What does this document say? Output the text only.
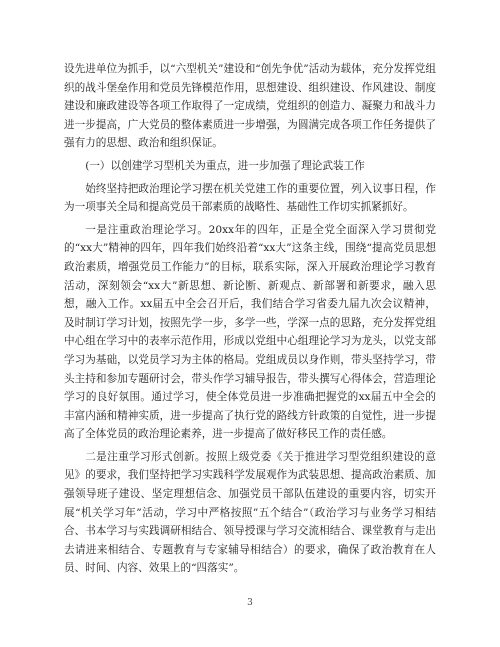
设先进单位为抓手，以“六型机关”建设和“创先争优”活动为载体，充分发挥党组织的战斗堡垒作用和党员先锋模范作用，思想建设、组织建设、作风建设、制度建设和廉政建设等各项工作取得了一定成绩，党组织的创造力、凝聚力和战斗力进一步提高，广大党员的整体素质进一步增强，为圆满完成各项工作任务提供了强有力的思想、政治和组织保证。

(一）以创建学习型机关为重点，进一步加强了理论武装工作

始终坚持把政治理论学习摆在机关党建工作的重要位置，列入议事日程，作为一项事关全局和提高党员干部素质的战略性、基础性工作切实抓紧抓好。

一是注重政治理论学习。20xx年的四年，正是全党全面深入学习贯彻党的“xx大”精神的四年，四年我们始终沿着“xx大”这条主线，围绕“提高党员思想政治素质，增强党员工作能力”的目标，联系实际，深入开展政治理论学习教育活动，深刻领会“xx大”新思想、新论断、新观点、新部署和新要求，融入思想，融入工作。xx届五中全会召开后，我们结合学习省委九届九次会议精神，及时制订学习计划，按照先学一步，多学一些，学深一点的思路，充分发挥党组中心组在学习中的表率示范作用，形成以党组中心组理论学习为龙头，以党支部学习为基础，以党员学习为主体的格局。党组成员以身作则，带头坚持学习，带头主持和参加专题研讨会，带头作学习辅导报告，带头撰写心得体会，营造理论学习的良好氛围。通过学习，使全体党员进一步准确把握党的xx届五中全会的丰富内涵和精神实质，进一步提高了执行党的路线方针政策的自觉性，进一步提高了全体党员的政治理论素养，进一步提高了做好移民工作的责任感。

二是注重学习形式创新。按照上级党委《关于推进学习型党组织建设的意见》的要求，我们坚持把学习实践科学发展观作为武装思想、提高政治素质、加强领导班子建设、坚定理想信念、加强党员干部队伍建设的重要内容，切实开展“机关学习年”活动，学习中严格按照”五个结合”（政治学习与业务学习相结合、书本学习与实践调研相结合、领导授课与学习交流相结合、课堂教育与走出去请进来相结合、专题教育与专家辅导相结合）的要求，确保了政治教育在人员、时间、内容、效果上的“四落实”。

3
